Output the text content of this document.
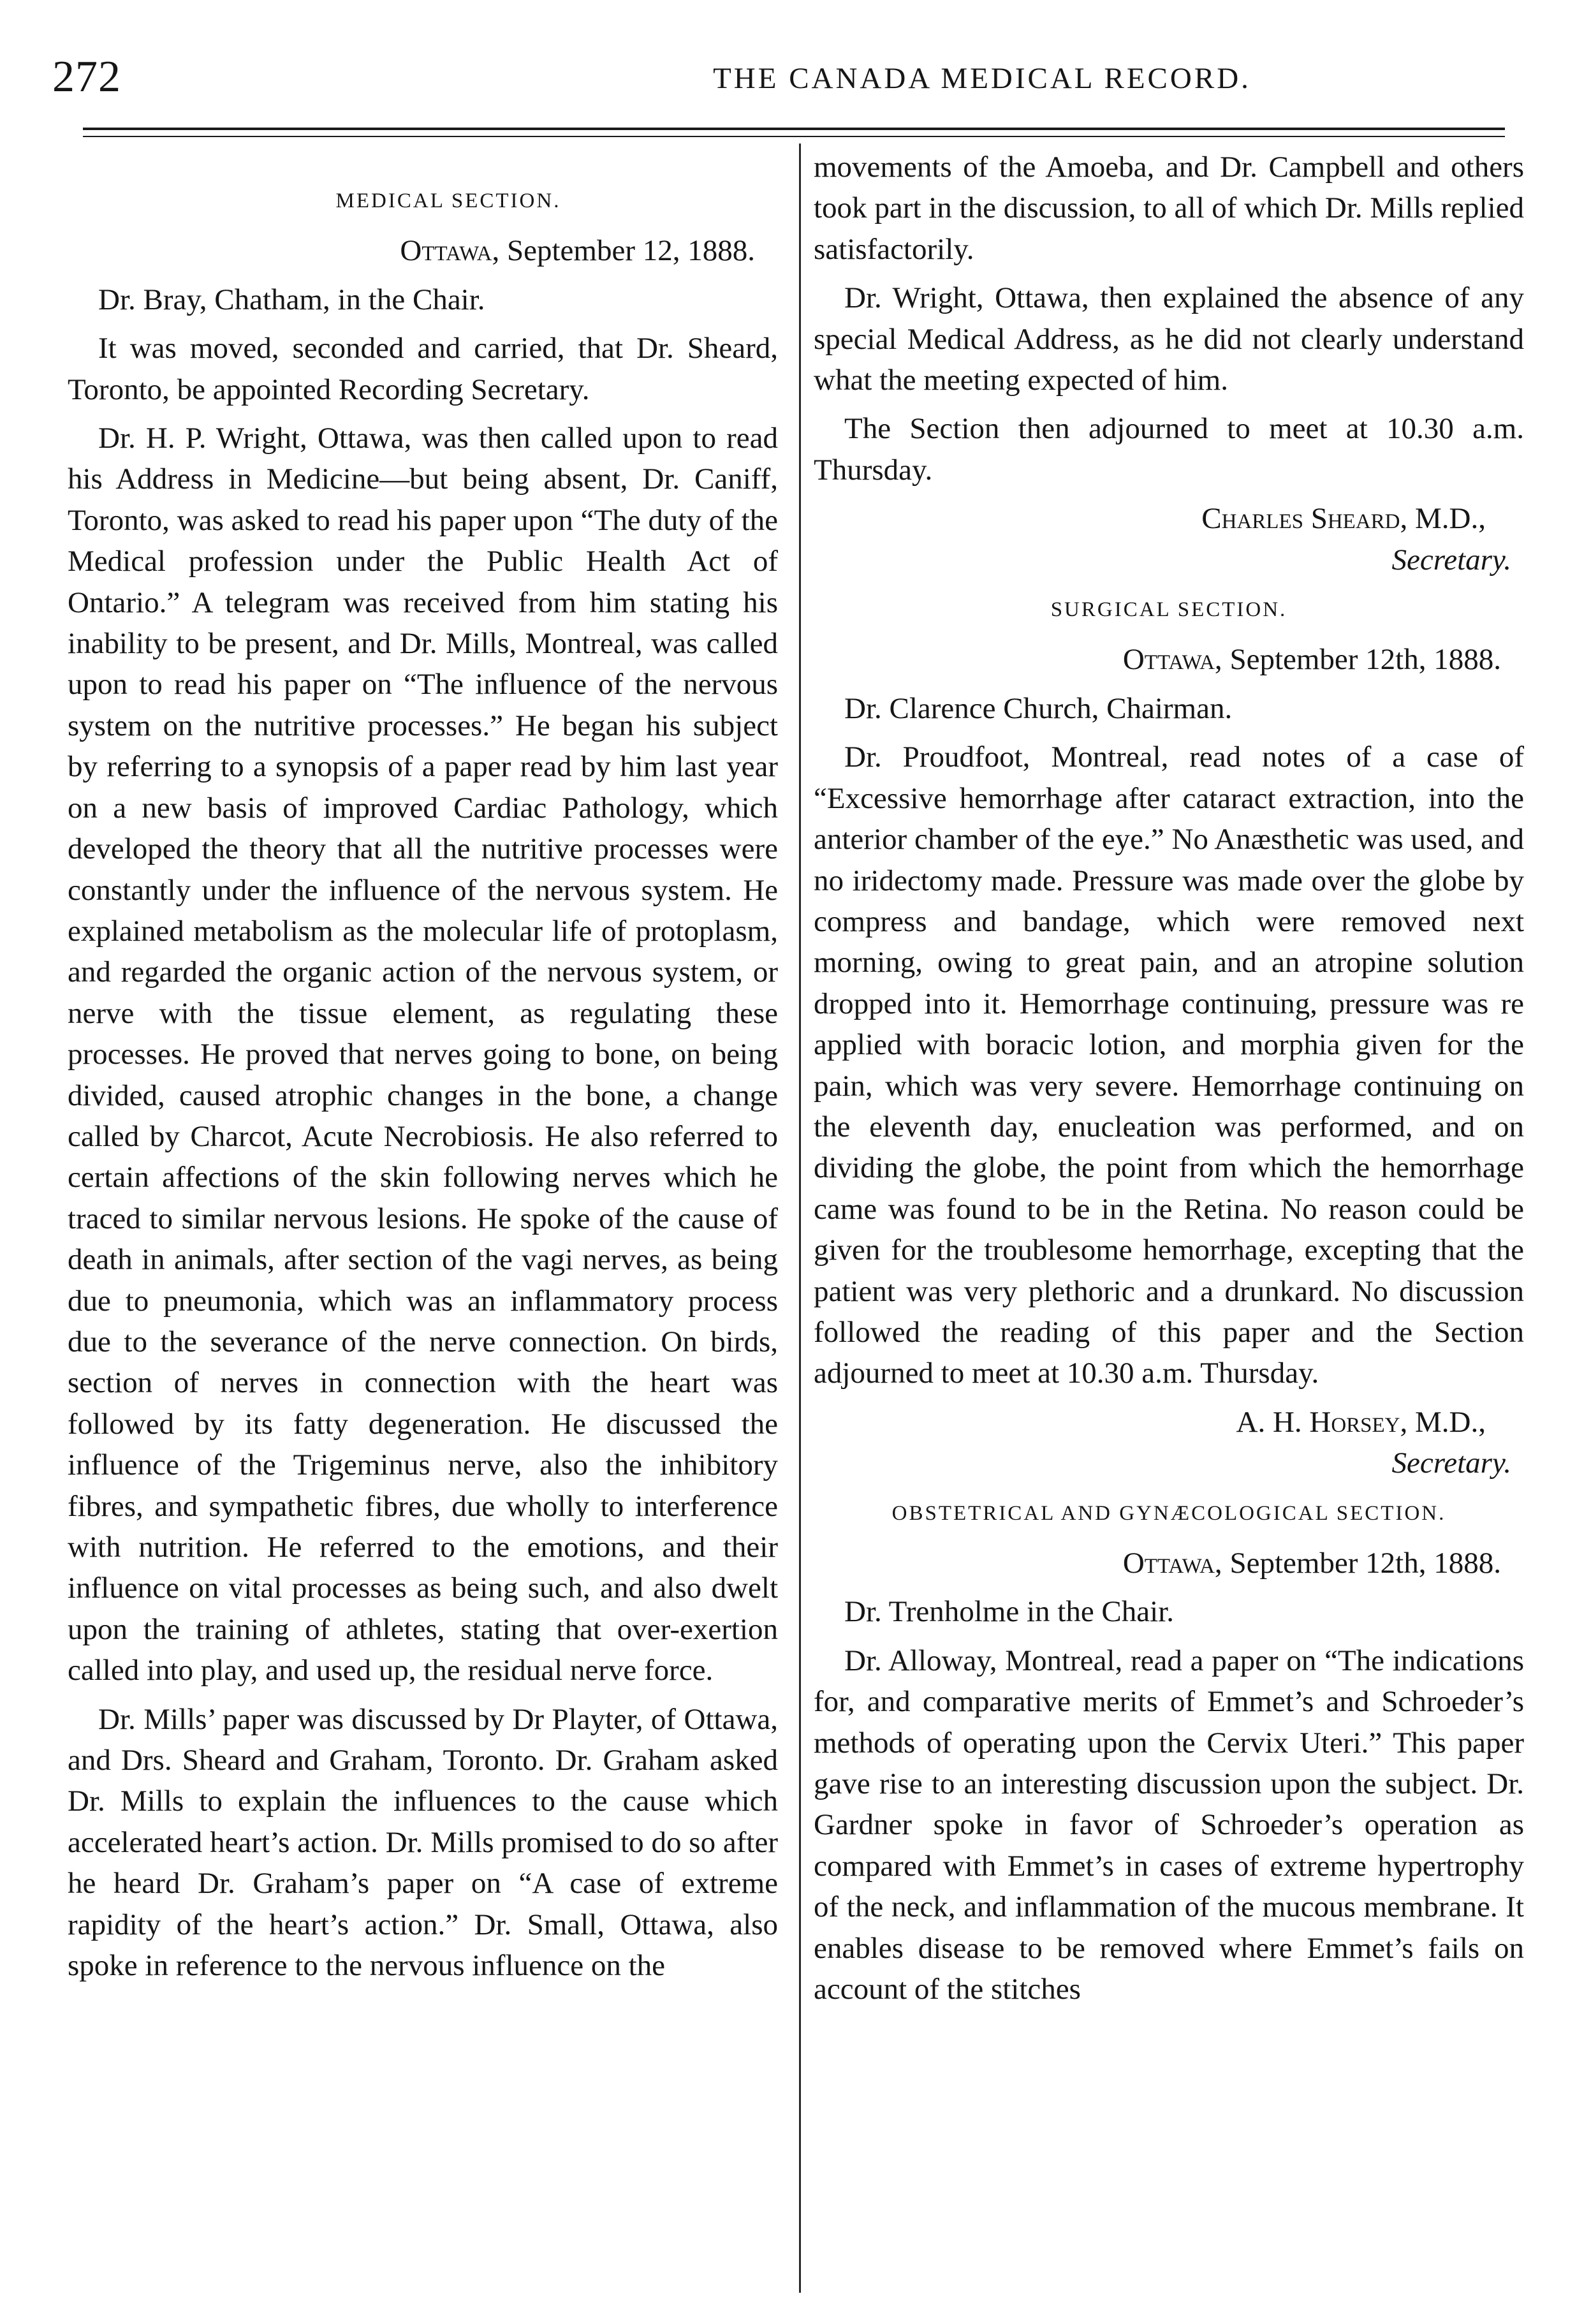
272	THE CANADA MEDICAL RECORD.
MEDICAL SECTION.
Ottawa, September 12, 1888.

Dr. Bray, Chatham, in the Chair.

It was moved, seconded and carried, that Dr. Sheard, Toronto, be appointed Recording Secretary.

Dr. H. P. Wright, Ottawa, was then called upon to read his Address in Medicine—but being absent, Dr. Caniff, Toronto, was asked to read his paper upon “The duty of the Medical profession under the Public Health Act of Ontario.” A telegram was received from him stating his inability to be present, and Dr. Mills, Montreal, was called upon to read his paper on “The influence of the nervous system on the nutritive processes.” He began his subject by referring to a synopsis of a paper read by him last year on a new basis of improved Cardiac Pathology, which developed the theory that all the nutritive processes were constantly under the influence of the nervous system. He explained metabolism as the molecular life of protoplasm, and regarded the organic action of the nervous system, or nerve with the tissue element, as regulating these processes. He proved that nerves going to bone, on being divided, caused atrophic changes in the bone, a change called by Charcot, Acute Necrobiosis. He also referred to certain affections of the skin following nerves which he traced to similar nervous lesions. He spoke of the cause of death in animals, after section of the vagi nerves, as being due to pneumonia, which was an inflammatory process due to the severance of the nerve connection. On birds, section of nerves in connection with the heart was followed by its fatty degeneration. He discussed the influence of the Trigeminus nerve, also the inhibitory fibres, and sympathetic fibres, due wholly to interference with nutrition. He referred to the emotions, and their influence on vital processes as being such, and also dwelt upon the training of athletes, stating that over-exertion called into play, and used up, the residual nerve force.

Dr. Mills’ paper was discussed by Dr Playter, of Ottawa, and Drs. Sheard and Graham, Toronto. Dr. Graham asked Dr. Mills to explain the influences to the cause which accelerated heart’s action. Dr. Mills promised to do so after he heard Dr. Graham’s paper on “A case of extreme rapidity of the heart’s action.” Dr. Small, Ottawa, also spoke in reference to the nervous influence on the

movements of the Amoeba, and Dr. Campbell and others took part in the discussion, to all of which Dr. Mills replied satisfactorily.

Dr. Wright, Ottawa, then explained the absence of any special Medical Address, as he did not clearly understand what the meeting expected of him.

The Section then adjourned to meet at 10.30 a.m. Thursday.

Charles Sheard, M.D.,
Secretary.
SURGICAL SECTION.
Ottawa, September 12th, 1888.

Dr. Clarence Church, Chairman.

Dr. Proudfoot, Montreal, read notes of a case of “Excessive hemorrhage after cataract extraction, into the anterior chamber of the eye.” No Anæsthetic was used, and no iridectomy made. Pressure was made over the globe by compress and bandage, which were removed next morning, owing to great pain, and an atropine solution dropped into it. Hemorrhage continuing, pressure was re applied with boracic lotion, and morphia given for the pain, which was very severe. Hemorrhage continuing on the eleventh day, enucleation was performed, and on dividing the globe, the point from which the hemorrhage came was found to be in the Retina. No reason could be given for the troublesome hemorrhage, excepting that the patient was very plethoric and a drunkard. No discussion followed the reading of this paper and the Section adjourned to meet at 10.30 a.m. Thursday.

A. H. Horsey, M.D.,
Secretary.
OBSTETRICAL AND GYNÆCOLOGICAL SECTION.
Ottawa, September 12th, 1888.

Dr. Trenholme in the Chair.

Dr. Alloway, Montreal, read a paper on “The indications for, and comparative merits of Emmet’s and Schroeder’s methods of operating upon the Cervix Uteri.” This paper gave rise to an interesting discussion upon the subject. Dr. Gardner spoke in favor of Schroeder’s operation as compared with Emmet’s in cases of extreme hypertrophy of the neck, and inflammation of the mucous membrane. It enables disease to be removed where Emmet’s fails on account of the stitches
